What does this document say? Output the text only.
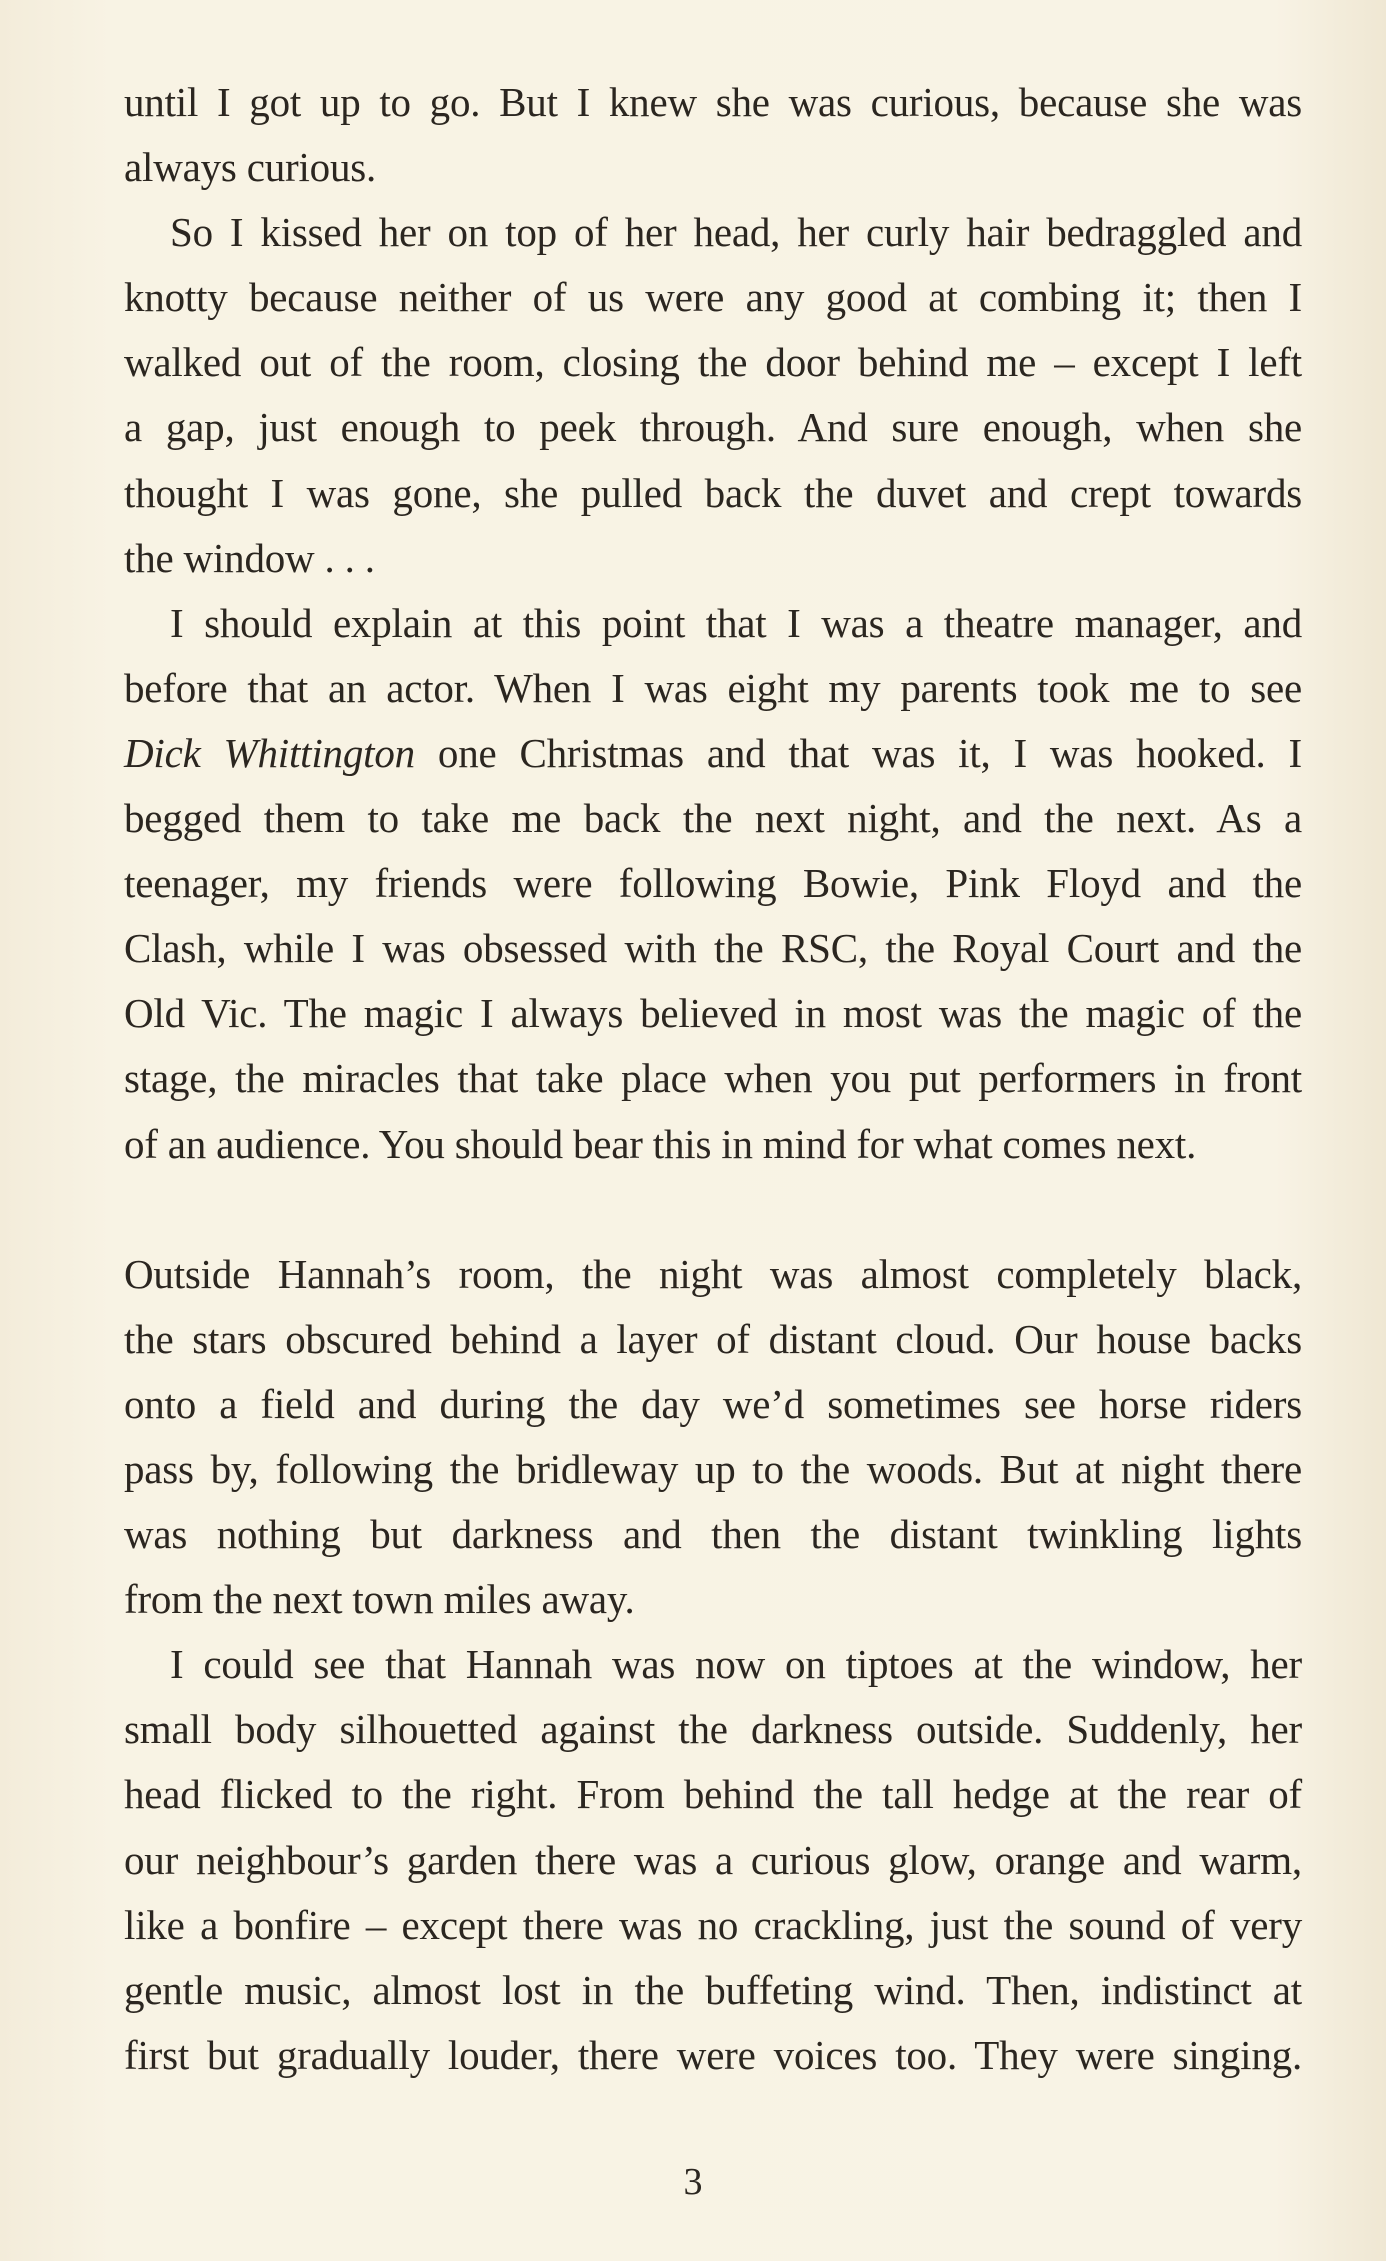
until I got up to go. But I knew she was curious, because she was
always curious.
So I kissed her on top of her head, her curly hair bedraggled and
knotty because neither of us were any good at combing it; then I
walked out of the room, closing the door behind me – except I left
a gap, just enough to peek through. And sure enough, when she
thought I was gone, she pulled back the duvet and crept towards
the window . . .
I should explain at this point that I was a theatre manager, and
before that an actor. When I was eight my parents took me to see
Dick Whittington one Christmas and that was it, I was hooked. I
begged them to take me back the next night, and the next. As a
teenager, my friends were following Bowie, Pink Floyd and the
Clash, while I was obsessed with the RSC, the Royal Court and the
Old Vic. The magic I always believed in most was the magic of the
stage, the miracles that take place when you put performers in front
of an audience. You should bear this in mind for what comes next.
Outside Hannah’s room, the night was almost completely black,
the stars obscured behind a layer of distant cloud. Our house backs
onto a field and during the day we’d sometimes see horse riders
pass by, following the bridleway up to the woods. But at night there
was nothing but darkness and then the distant twinkling lights
from the next town miles away.
I could see that Hannah was now on tiptoes at the window, her
small body silhouetted against the darkness outside. Suddenly, her
head flicked to the right. From behind the tall hedge at the rear of
our neighbour’s garden there was a curious glow, orange and warm,
like a bonfire – except there was no crackling, just the sound of very
gentle music, almost lost in the buffeting wind. Then, indistinct at
first but gradually louder, there were voices too. They were singing.
3
